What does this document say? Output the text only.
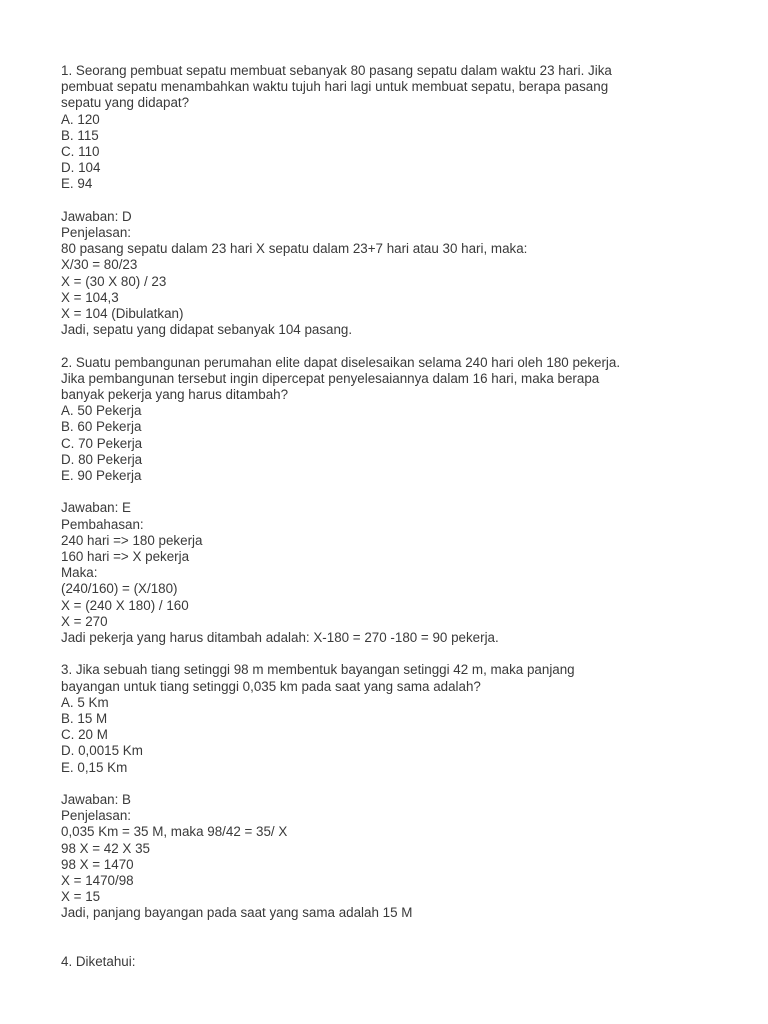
1. Seorang pembuat sepatu membuat sebanyak 80 pasang sepatu dalam waktu 23 hari. Jika
pembuat sepatu menambahkan waktu tujuh hari lagi untuk membuat sepatu, berapa pasang
sepatu yang didapat?
A. 120
B. 115
C. 110
D. 104
E. 94
Jawaban: D
Penjelasan:
80 pasang sepatu dalam 23 hari X sepatu dalam 23+7 hari atau 30 hari, maka:
X/30 = 80/23
X = (30 X 80) / 23
X = 104,3
X = 104 (Dibulatkan)
Jadi, sepatu yang didapat sebanyak 104 pasang.
2. Suatu pembangunan perumahan elite dapat diselesaikan selama 240 hari oleh 180 pekerja.
Jika pembangunan tersebut ingin dipercepat penyelesaiannya dalam 16 hari, maka berapa
banyak pekerja yang harus ditambah?
A. 50 Pekerja
B. 60 Pekerja
C. 70 Pekerja
D. 80 Pekerja
E. 90 Pekerja
Jawaban: E
Pembahasan:
240 hari => 180 pekerja
160 hari => X pekerja
Maka:
(240/160) = (X/180)
X = (240 X 180) / 160
X = 270
Jadi pekerja yang harus ditambah adalah: X-180 = 270 -180 = 90 pekerja.
3. Jika sebuah tiang setinggi 98 m membentuk bayangan setinggi 42 m, maka panjang
bayangan untuk tiang setinggi 0,035 km pada saat yang sama adalah?
A. 5 Km
B. 15 M
C. 20 M
D. 0,0015 Km
E. 0,15 Km
Jawaban: B
Penjelasan:
0,035 Km = 35 M, maka 98/42 = 35/ X
98 X = 42 X 35
98 X = 1470
X = 1470/98
X = 15
Jadi, panjang bayangan pada saat yang sama adalah 15 M
4. Diketahui:
